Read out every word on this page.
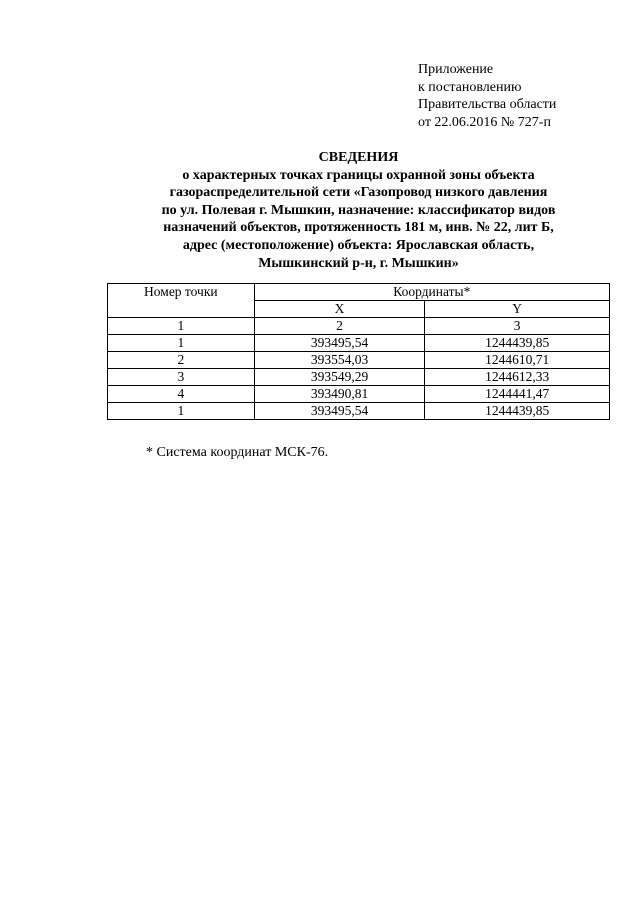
Приложение
к постановлению
Правительства области
от 22.06.2016 № 727-п
СВЕДЕНИЯ
о характерных точках границы охранной зоны объекта
газораспределительной сети «Газопровод низкого давления
по ул. Полевая г. Мышкин, назначение: классификатор видов
назначений объектов, протяженность 181 м, инв. № 22, лит Б,
адрес (местоположение) объекта: Ярославская область,
Мышкинский р-н, г. Мышкин»
Номер точки	Координаты*	
	X	Y
1	2	3
1	393495,54	1244439,85
2	393554,03	1244610,71
3	393549,29	1244612,33
4	393490,81	1244441,47
1	393495,54	1244439,85
* Система координат МСК-76.
